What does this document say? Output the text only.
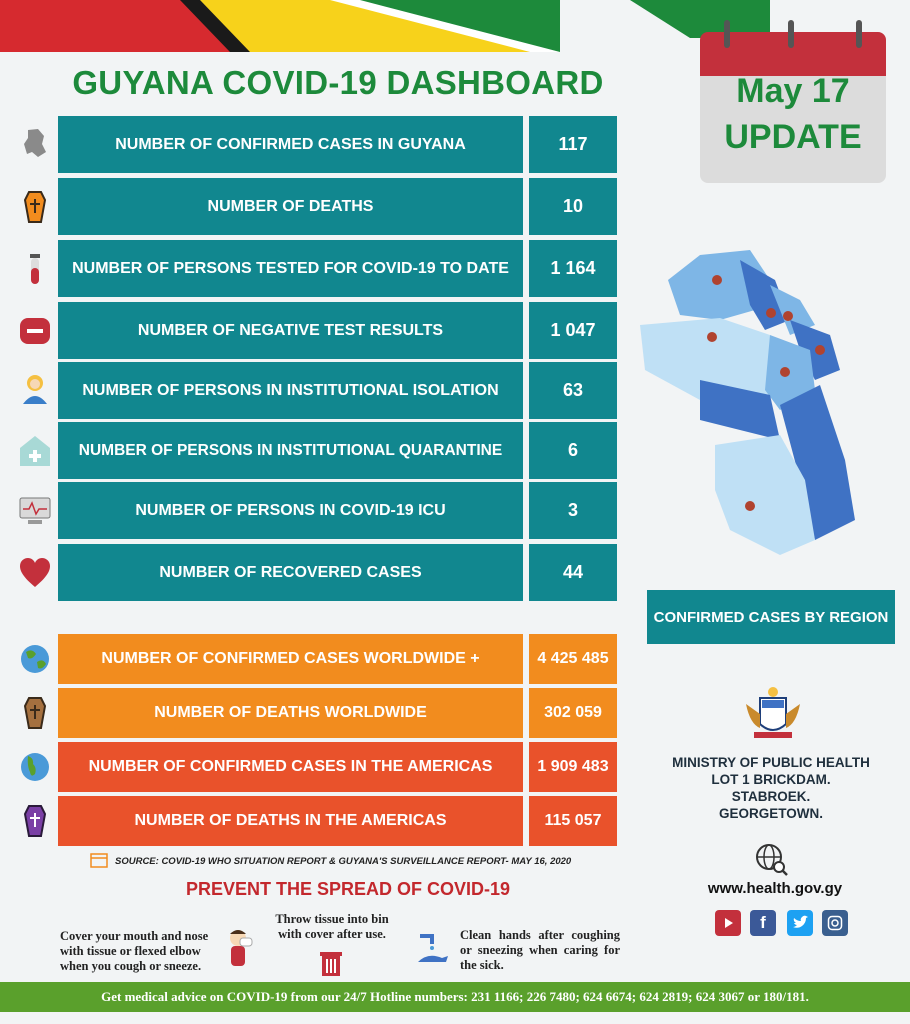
GUYANA COVID-19 DASHBOARD	May 17
UPDATE
NUMBER OF CONFIRMED CASES IN GUYANA	117
NUMBER OF DEATHS	10
NUMBER OF PERSONS TESTED FOR COVID-19 TO DATE	1 164
NUMBER OF NEGATIVE TEST RESULTS	1 047
NUMBER OF PERSONS IN INSTITUTIONAL ISOLATION	63
NUMBER OF PERSONS IN INSTITUTIONAL QUARANTINE	6
NUMBER OF PERSONS IN COVID-19 ICU	3
NUMBER OF RECOVERED CASES	44
NUMBER OF CONFIRMED CASES WORLDWIDE +	4 425 485
NUMBER OF DEATHS WORLDWIDE	302 059
NUMBER OF CONFIRMED CASES IN THE AMERICAS	1 909 483
NUMBER OF DEATHS IN THE AMERICAS	115 057
CONFIRMED CASES BY REGION
MINISTRY OF PUBLIC HEALTH
LOT 1 BRICKDAM.
STABROEK.
GEORGETOWN.
www.health.gov.gy
f
SOURCE: COVID-19 WHO SITUATION REPORT & GUYANA'S SURVEILLANCE REPORT- MAY 16, 2020
PREVENT THE SPREAD OF COVID-19
Cover your mouth and nose with tissue or flexed elbow when you cough or sneeze.
Throw tissue into bin with cover after use.	Clean hands after coughing or sneezing when caring for the sick.
Get medical advice on COVID-19 from our 24/7 Hotline numbers: 231 1166; 226 7480; 624 6674; 624 2819; 624 3067 or 180/181.
